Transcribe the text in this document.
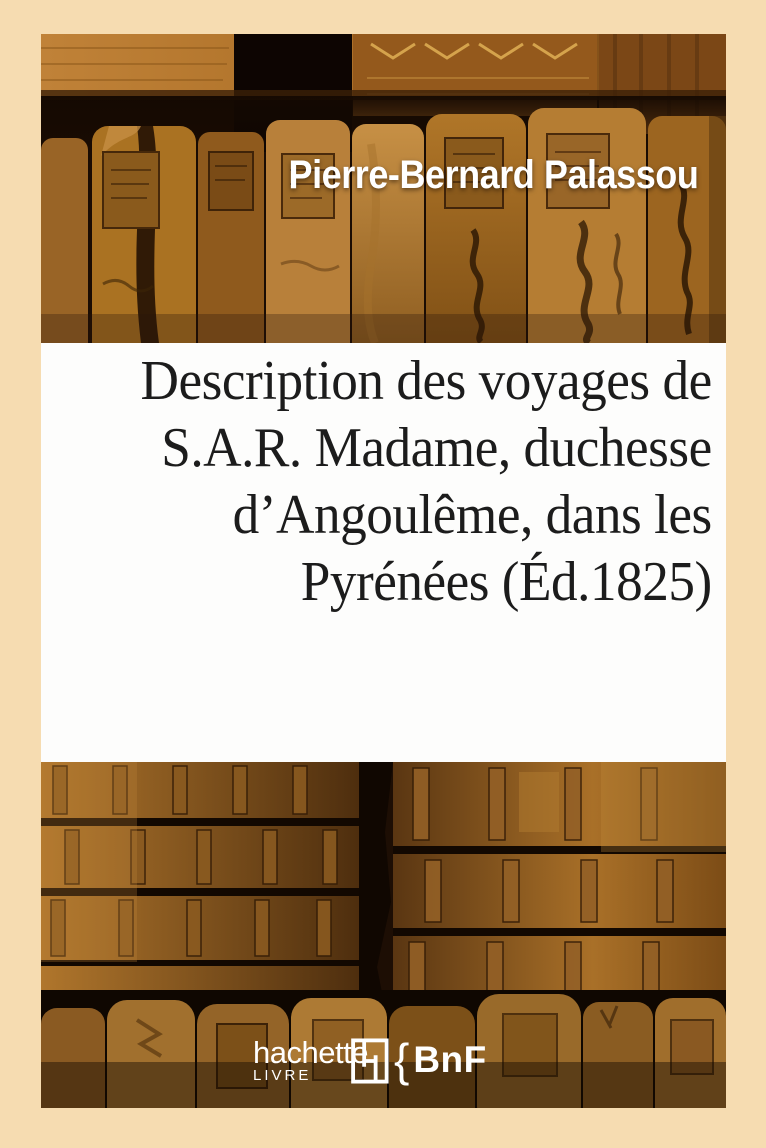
Pierre-Bernard Palassou
Description des voyages de
S.A.R. Madame, duchesse
d’Angoulême, dans les
Pyrénées (Éd.1825)
hachette
LIVRE	{ BnF
